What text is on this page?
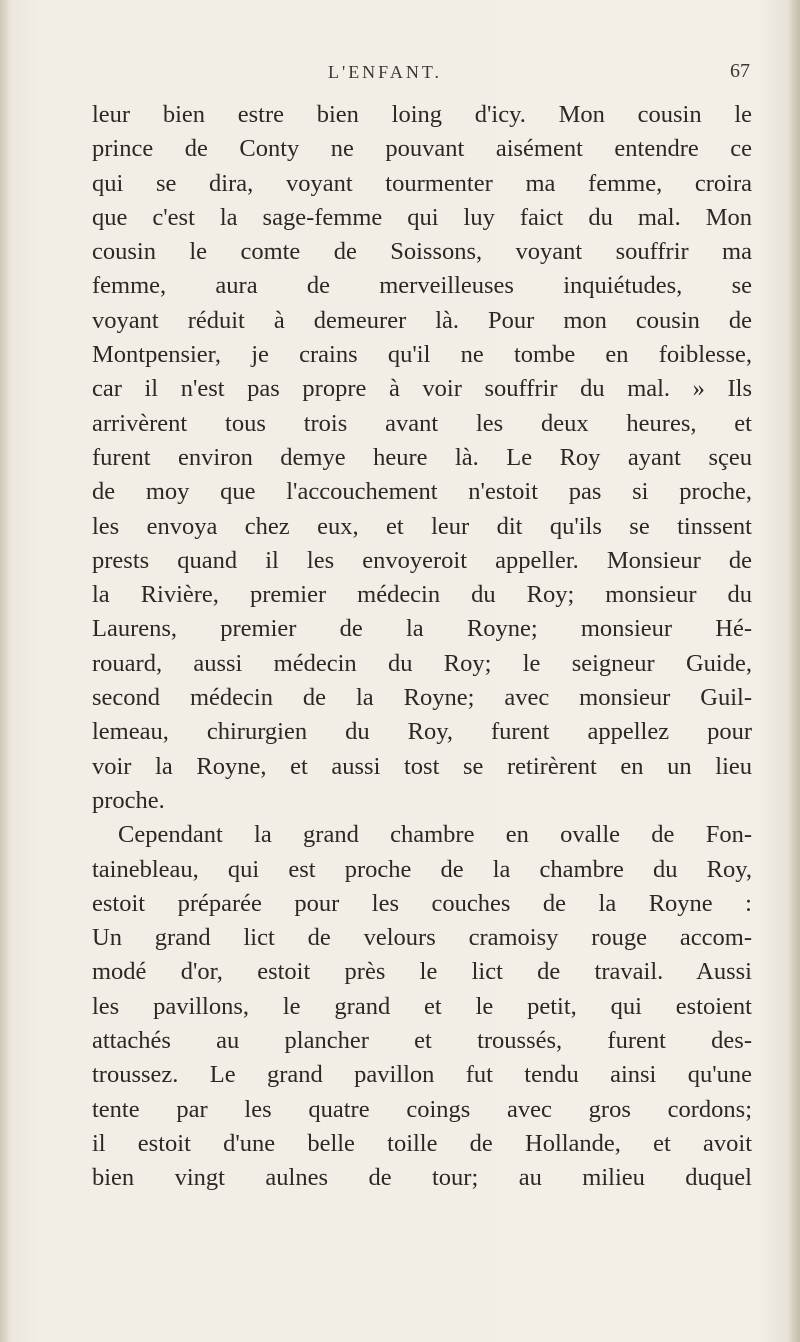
L'ENFANT.	67
leur bien estre bien loing d'icy. Mon cousin le
prince de Conty ne pouvant aisément entendre ce
qui se dira, voyant tourmenter ma femme, croira
que c'est la sage-femme qui luy faict du mal. Mon
cousin le comte de Soissons, voyant souffrir ma
femme, aura de merveilleuses inquiétudes, se
voyant réduit à demeurer là. Pour mon cousin de
Montpensier, je crains qu'il ne tombe en foiblesse,
car il n'est pas propre à voir souffrir du mal. » Ils
arrivèrent tous trois avant les deux heures, et
furent environ demye heure là. Le Roy ayant sçeu
de moy que l'accouchement n'estoit pas si proche,
les envoya chez eux, et leur dit qu'ils se tinssent
prests quand il les envoyeroit appeller. Monsieur de
la Rivière, premier médecin du Roy; monsieur du
Laurens, premier de la Royne; monsieur Hé-
rouard, aussi médecin du Roy; le seigneur Guide,
second médecin de la Royne; avec monsieur Guil-
lemeau, chirurgien du Roy, furent appellez pour
voir la Royne, et aussi tost se retirèrent en un lieu
proche.
Cependant la grand chambre en ovalle de Fon-
tainebleau, qui est proche de la chambre du Roy,
estoit préparée pour les couches de la Royne :
Un grand lict de velours cramoisy rouge accom-
modé d'or, estoit près le lict de travail. Aussi
les pavillons, le grand et le petit, qui estoient
attachés au plancher et troussés, furent des-
troussez. Le grand pavillon fut tendu ainsi qu'une
tente par les quatre coings avec gros cordons;
il estoit d'une belle toille de Hollande, et avoit
bien vingt aulnes de tour; au milieu duquel
